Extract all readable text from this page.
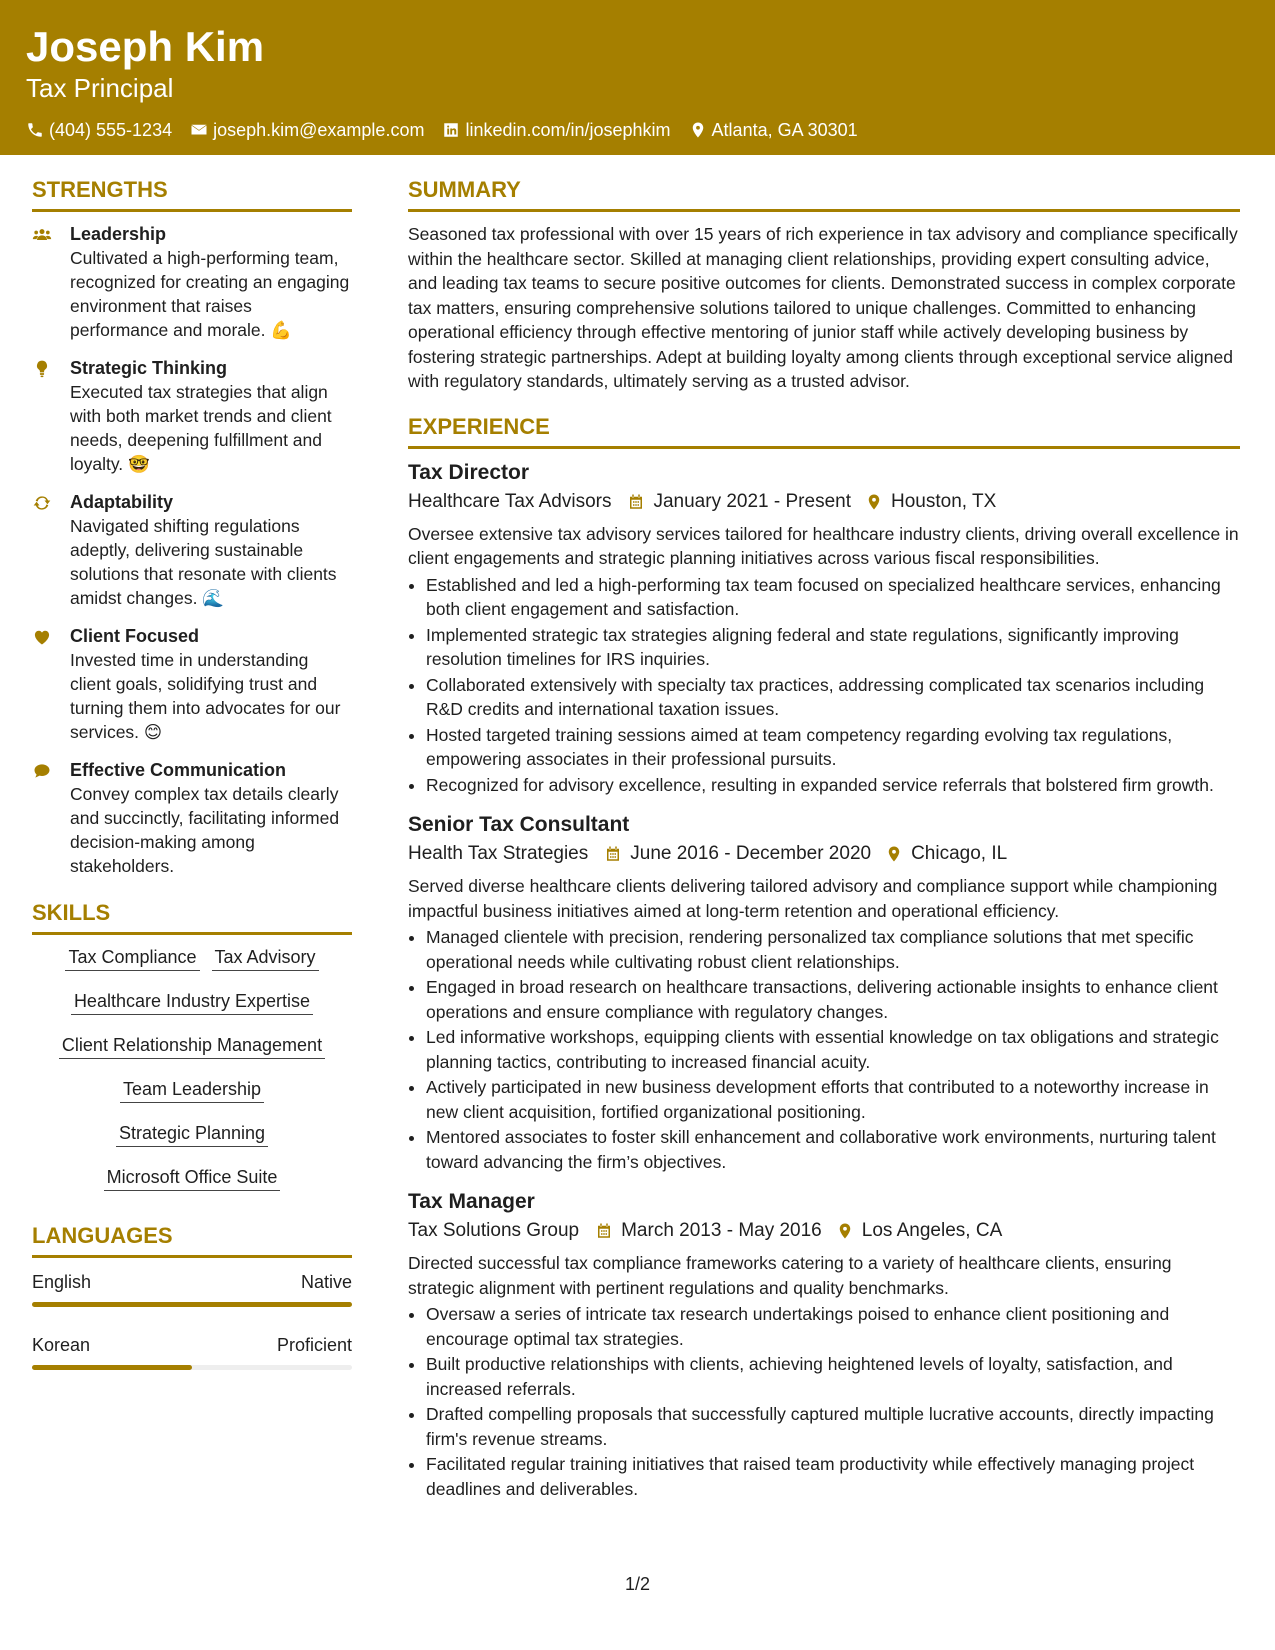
Joseph Kim
Tax Principal
(404) 555-1234 joseph.kim@example.com linkedin.com/in/josephkim Atlanta, GA 30301
STRENGTHS
Leadership
Cultivated a high-performing team, recognized for creating an engaging environment that raises performance and morale. 💪
Strategic Thinking
Executed tax strategies that align with both market trends and client needs, deepening fulfillment and loyalty. 🤓
Adaptability
Navigated shifting regulations adeptly, delivering sustainable solutions that resonate with clients amidst changes. 🌊
Client Focused
Invested time in understanding client goals, solidifying trust and turning them into advocates for our services. 😊
Effective Communication
Convey complex tax details clearly and succinctly, facilitating informed decision-making among stakeholders.
SKILLS
Tax Compliance Tax Advisory
Healthcare Industry Expertise
Client Relationship Management
Team Leadership
Strategic Planning
Microsoft Office Suite
LANGUAGES
English	Native
Korean	Proficient
SUMMARY

Seasoned tax professional with over 15 years of rich experience in tax advisory and compliance specifically within the healthcare sector. Skilled at managing client relationships, providing expert consulting advice, and leading tax teams to secure positive outcomes for clients. Demonstrated success in complex corporate tax matters, ensuring comprehensive solutions tailored to unique challenges. Committed to enhancing operational efficiency through effective mentoring of junior staff while actively developing business by fostering strategic partnerships. Adept at building loyalty among clients through exceptional service aligned with regulatory standards, ultimately serving as a trusted advisor.

EXPERIENCE
Tax Director
Healthcare Tax Advisors January 2021 - Present Houston, TX
Oversee extensive tax advisory services tailored for healthcare industry clients, driving overall excellence in client engagements and strategic planning initiatives across various fiscal responsibilities.
• Established and led a high-performing tax team focused on specialized healthcare services, enhancing both client engagement and satisfaction.
• Implemented strategic tax strategies aligning federal and state regulations, significantly improving resolution timelines for IRS inquiries.
• Collaborated extensively with specialty tax practices, addressing complicated tax scenarios including R&D credits and international taxation issues.
• Hosted targeted training sessions aimed at team competency regarding evolving tax regulations, empowering associates in their professional pursuits.
• Recognized for advisory excellence, resulting in expanded service referrals that bolstered firm growth.
Senior Tax Consultant
Health Tax Strategies June 2016 - December 2020 Chicago, IL
Served diverse healthcare clients delivering tailored advisory and compliance support while championing impactful business initiatives aimed at long-term retention and operational efficiency.
• Managed clientele with precision, rendering personalized tax compliance solutions that met specific operational needs while cultivating robust client relationships.
• Engaged in broad research on healthcare transactions, delivering actionable insights to enhance client operations and ensure compliance with regulatory changes.
• Led informative workshops, equipping clients with essential knowledge on tax obligations and strategic planning tactics, contributing to increased financial acuity.
• Actively participated in new business development efforts that contributed to a noteworthy increase in new client acquisition, fortified organizational positioning.
• Mentored associates to foster skill enhancement and collaborative work environments, nurturing talent toward advancing the firm’s objectives.
Tax Manager
Tax Solutions Group March 2013 - May 2016 Los Angeles, CA
Directed successful tax compliance frameworks catering to a variety of healthcare clients, ensuring strategic alignment with pertinent regulations and quality benchmarks.
• Oversaw a series of intricate tax research undertakings poised to enhance client positioning and encourage optimal tax strategies.
• Built productive relationships with clients, achieving heightened levels of loyalty, satisfaction, and increased referrals.
• Drafted compelling proposals that successfully captured multiple lucrative accounts, directly impacting firm's revenue streams.
• Facilitated regular training initiatives that raised team productivity while effectively managing project deadlines and deliverables.
1/2
